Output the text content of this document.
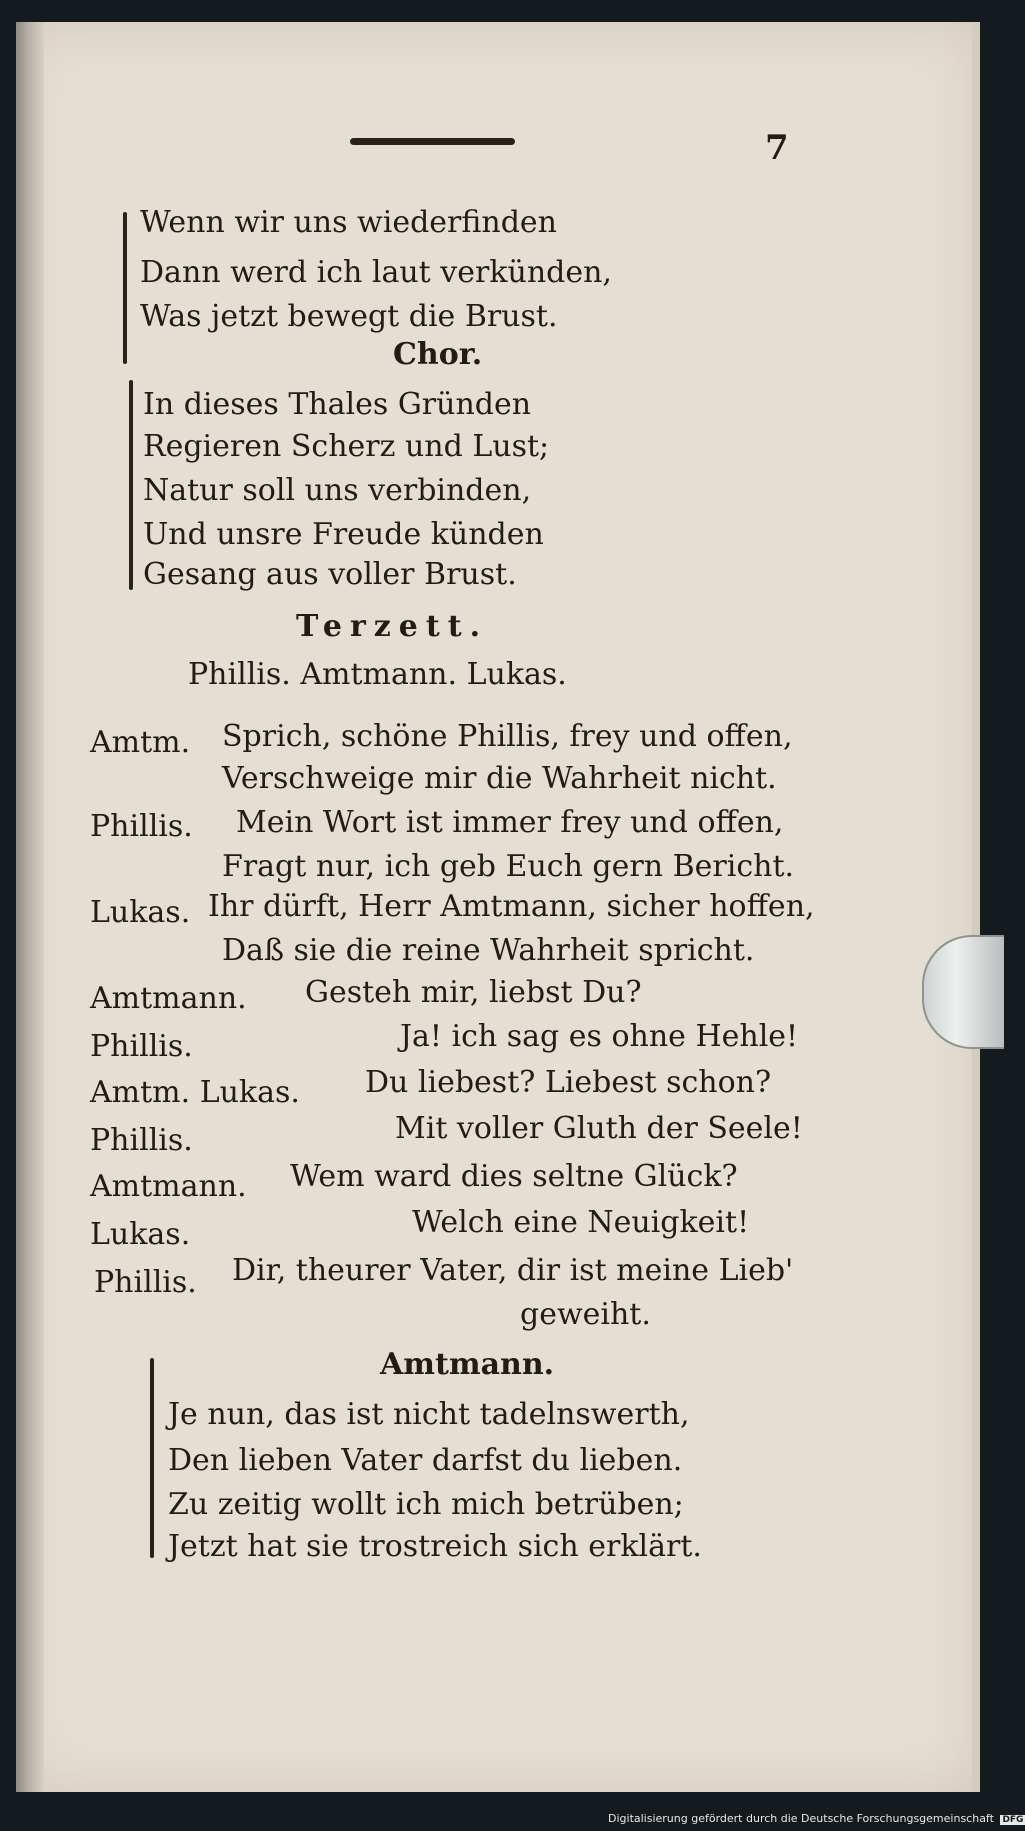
7
Wenn wir uns wiederfinden
Dann werd ich laut verkünden,
Was jetzt bewegt die Brust.
Chor.
In dieses Thales Gründen
Regieren Scherz und Lust;
Natur soll uns verbinden,
Und unsre Freude künden
Gesang aus voller Brust.
Terzett.
Phillis. Amtmann. Lukas.
Amtm. Sprich, schöne Phillis, frey und offen,
Verschweige mir die Wahrheit nicht.
Phillis. Mein Wort ist immer frey und offen,
Fragt nur, ich geb Euch gern Bericht.
Lukas. Ihr dürft, Herr Amtmann, sicher hoffen,
Daß sie die reine Wahrheit spricht.
Amtmann. Gesteh mir, liebst Du?
Phillis.	Ja! ich sag es ohne Hehle!
Amtm. Lukas. Du liebest? Liebest schon?
Phillis.	Mit voller Gluth der Seele!
Amtmann. Wem ward dies seltne Glück?
Lukas.	Welch eine Neuigkeit!
Phillis. Dir, theurer Vater, dir ist meine Lieb'
geweiht.
Amtmann.
Je nun, das ist nicht tadelnswerth,
Den lieben Vater darfst du lieben.
Zu zeitig wollt ich mich betrüben;
Jetzt hat sie trostreich sich erklärt.
Digitalisierung gefördert durch die Deutsche Forschungsgemeinschaft DFG
